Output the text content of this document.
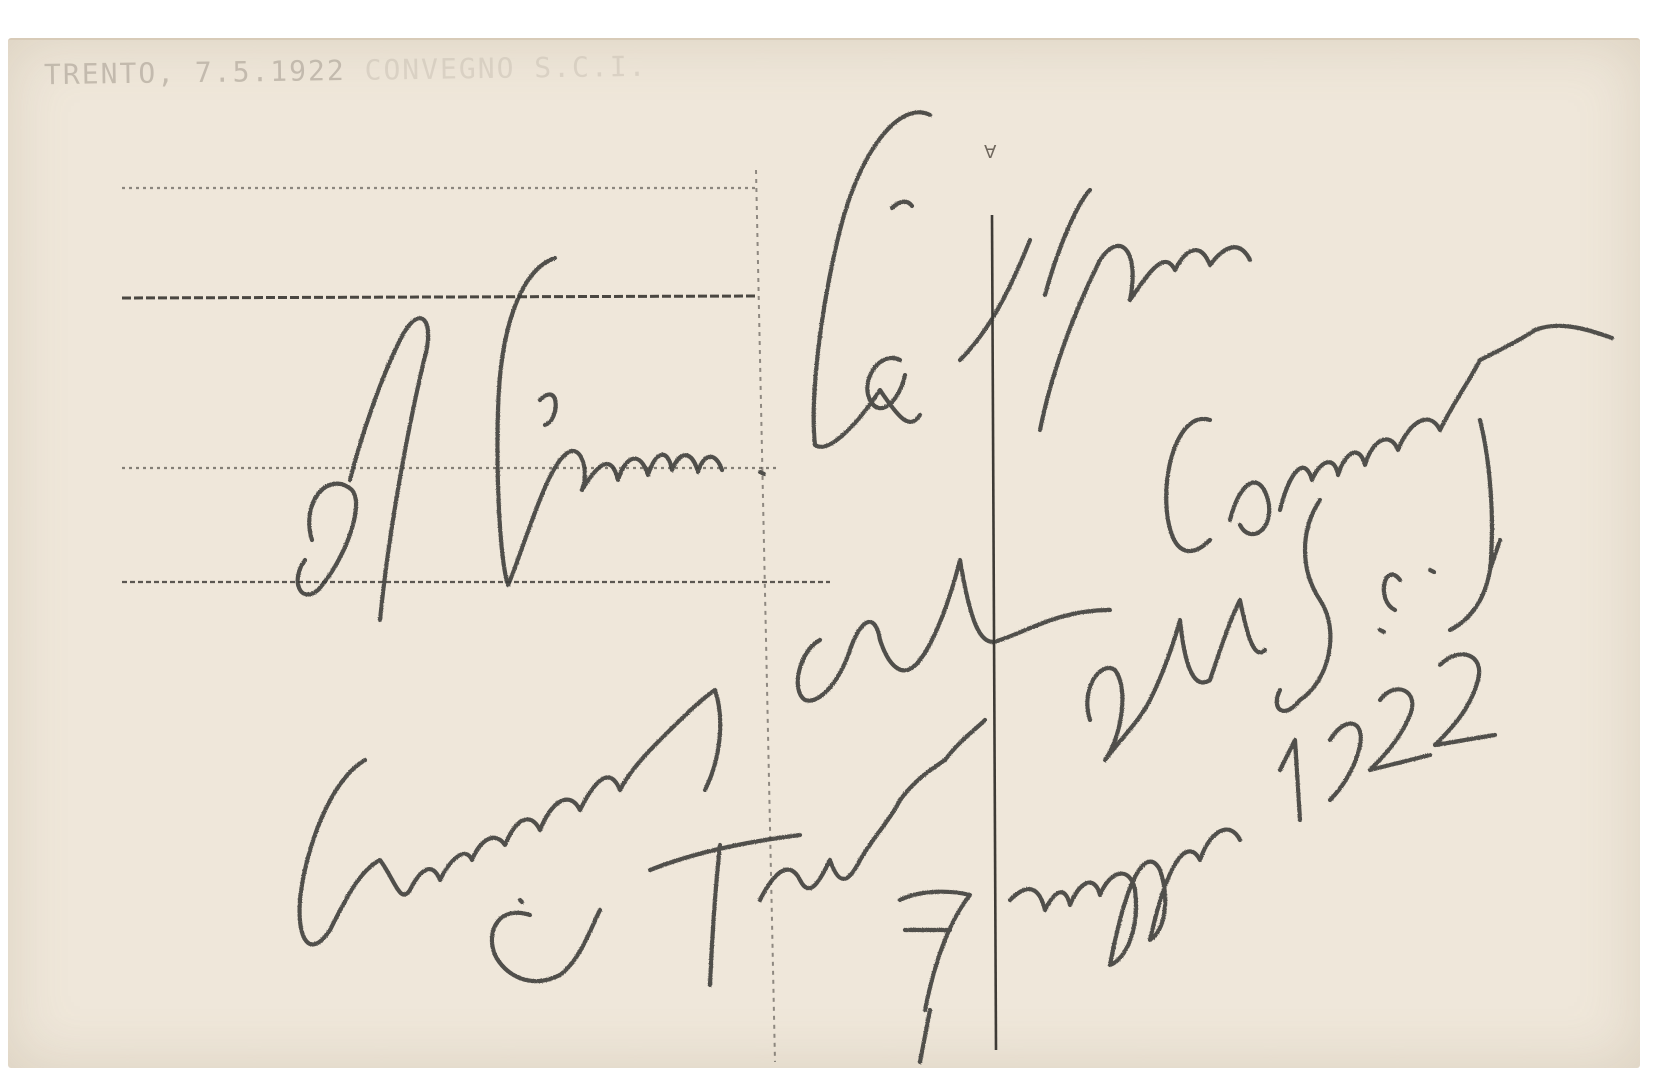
TRENTO, 7.5.1922 CONVEGNO S.C.I.
A
